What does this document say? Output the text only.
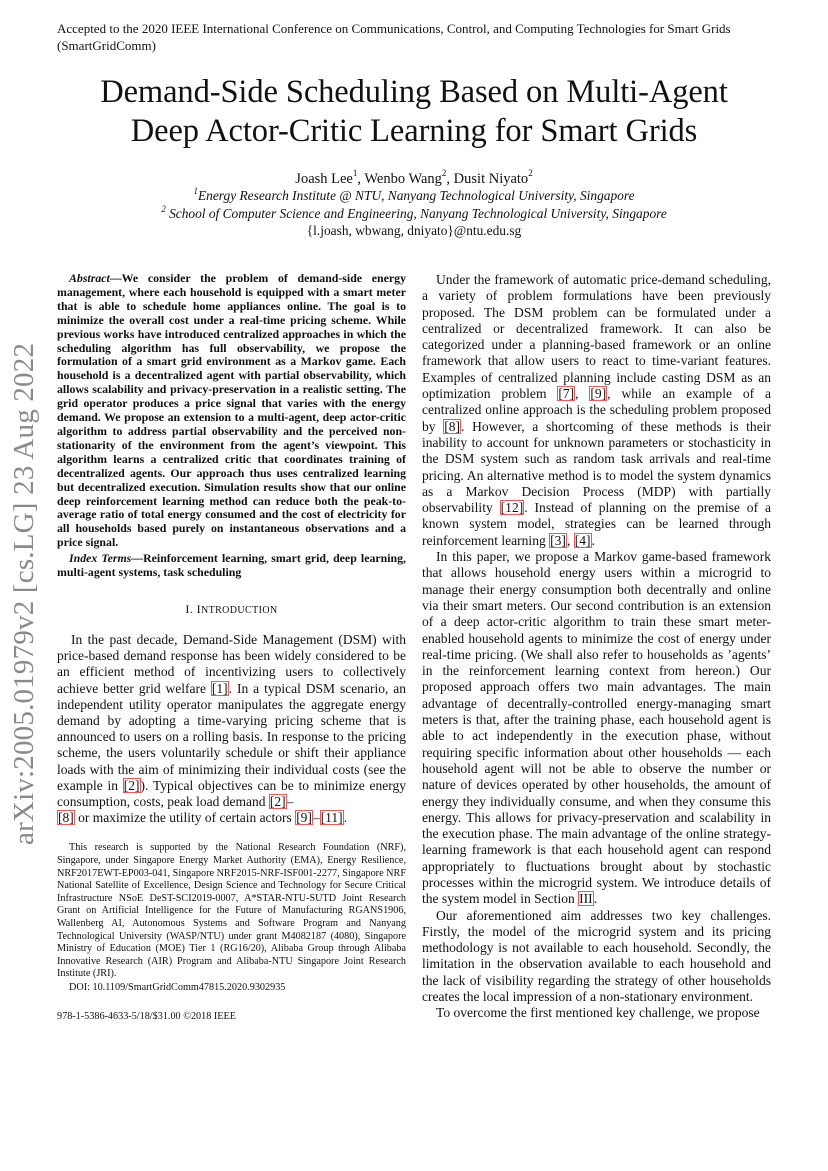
Accepted to the 2020 IEEE International Conference on Communications, Control, and Computing Technologies for Smart Grids (SmartGridComm)
Demand-Side Scheduling Based on Multi-Agent
Deep Actor-Critic Learning for Smart Grids
Joash Lee$^1$, Wenbo Wang$^2$, Dusit Niyato$^2$
$^1$Energy Research Institute @ NTU, Nanyang Technological University, Singapore
$^2$ School of Computer Science and Engineering, Nanyang Technological University, Singapore
{l.joash, wbwang, dniyato}@ntu.edu.sg
arXiv:2005.01979v2 [cs.LG] 23 Aug 2022

Abstract—We consider the problem of demand-side energy management, where each household is equipped with a smart meter that is able to schedule home appliances online. The goal is to minimize the overall cost under a real-time pricing scheme. While previous works have introduced centralized approaches in which the scheduling algorithm has full observability, we propose the formulation of a smart grid environment as a Markov game. Each household is a decentralized agent with partial observability, which allows scalability and privacy-preservation in a realistic setting. The grid operator produces a price signal that varies with the energy demand. We propose an extension to a multi-agent, deep actor-critic algorithm to address partial observability and the perceived non-stationarity of the environment from the agent’s viewpoint. This algorithm learns a centralized critic that coordinates training of decentralized agents. Our approach thus uses centralized learning but decentralized execution. Simulation results show that our online deep reinforcement learning method can reduce both the peak-to-average ratio of total energy consumed and the cost of electricity for all households based purely on instantaneous observations and a price signal.

Index Terms—Reinforcement learning, smart grid, deep learning, multi-agent systems, task scheduling

I. INTRODUCTION

In the past decade, Demand-Side Management (DSM) with price-based demand response has been widely considered to be an efficient method of incentivizing users to collectively achieve better grid welfare [1]. In a typical DSM scenario, an independent utility operator manipulates the aggregate energy demand by adopting a time-varying pricing scheme that is announced to users on a rolling basis. In response to the pricing scheme, the users voluntarily schedule or shift their appliance loads with the aim of minimizing their individual costs (see the example in [2]). Typical objectives can be to minimize energy consumption, costs, peak load demand [2]–
[8] or maximize the utility of certain actors [9]–[11].

This research is supported by the National Research Foundation (NRF), Singapore, under Singapore Energy Market Authority (EMA), Energy Resilience, NRF2017EWT-EP003-041, Singapore NRF2015-NRF-ISF001-2277, Singapore NRF National Satellite of Excellence, Design Science and Technology for Secure Critical Infrastructure NSoE DeST-SCI2019-0007, A*STAR-NTU-SUTD Joint Research Grant on Artificial Intelligence for the Future of Manufacturing RGANS1906, Wallenberg AI, Autonomous Systems and Software Program and Nanyang Technological University (WASP/NTU) under grant M4082187 (4080), Singapore Ministry of Education (MOE) Tier 1 (RG16/20), Alibaba Group through Alibaba Innovative Research (AIR) Program and Alibaba-NTU Singapore Joint Research Institute (JRI).

DOI: 10.1109/SmartGridComm47815.2020.9302935

978-1-5386-4633-5/18/$31.00 ©2018 IEEE

Under the framework of automatic price-demand scheduling, a variety of problem formulations have been previously proposed. The DSM problem can be formulated under a centralized or decentralized framework. It can also be categorized under a planning-based framework or an online framework that allow users to react to time-variant features. Examples of centralized planning include casting DSM as an optimization problem [7], [9], while an example of a centralized online approach is the scheduling problem proposed by [8]. However, a shortcoming of these methods is their inability to account for unknown parameters or stochasticity in the DSM system such as random task arrivals and real-time pricing. An alternative method is to model the system dynamics as a Markov Decision Process (MDP) with partially observability [12]. Instead of planning on the premise of a known system model, strategies can be learned through reinforcement learning [3], [4].

In this paper, we propose a Markov game-based framework that allows household energy users within a microgrid to manage their energy consumption both decentrally and online via their smart meters. Our second contribution is an extension of a deep actor-critic algorithm to train these smart meter-enabled household agents to minimize the cost of energy under real-time pricing. (We shall also refer to households as ’agents’ in the reinforcement learning context from hereon.) Our proposed approach offers two main advantages. The main advantage of decentrally-controlled energy-managing smart meters is that, after the training phase, each household agent is able to act independently in the execution phase, without requiring specific information about other households — each household agent will not be able to observe the number or nature of devices operated by other households, the amount of energy they individually consume, and when they consume this energy. This allows for privacy-preservation and scalability in the execution phase. The main advantage of the online strategy-learning framework is that each household agent can respond appropriately to fluctuations brought about by stochastic processes within the microgrid system. We introduce details of the system model in Section III.

Our aforementioned aim addresses two key challenges. Firstly, the model of the microgrid system and its pricing methodology is not available to each household. Secondly, the limitation in the observation available to each household and the lack of visibility regarding the strategy of other households creates the local impression of a non-stationary environment.

To overcome the first mentioned key challenge, we propose
